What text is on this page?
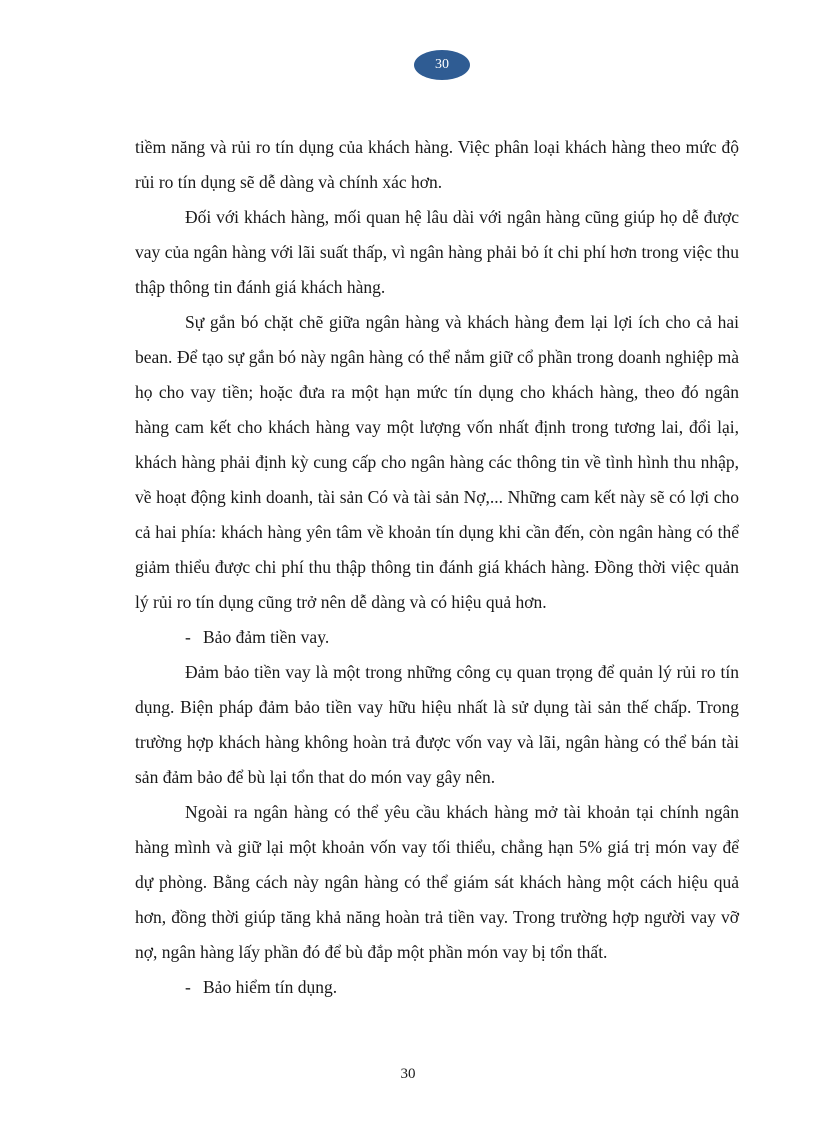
30

tiềm năng và rủi ro tín dụng của khách hàng. Việc phân loại khách hàng theo mức độ rủi ro tín dụng sẽ dễ dàng và chính xác hơn.

Đối với khách hàng, mối quan hệ lâu dài với ngân hàng cũng giúp họ dễ được vay của ngân hàng với lãi suất thấp, vì ngân hàng phải bỏ ít chi phí hơn trong việc thu thập thông tin đánh giá khách hàng.

Sự gắn bó chặt chẽ giữa ngân hàng và khách hàng đem lại lợi ích cho cả hai bean. Để tạo sự gắn bó này ngân hàng có thể nắm giữ cổ phần trong doanh nghiệp mà họ cho vay tiền; hoặc đưa ra một hạn mức tín dụng cho khách hàng, theo đó ngân hàng cam kết cho khách hàng vay một lượng vốn nhất định trong tương lai, đổi lại, khách hàng phải định kỳ cung cấp cho ngân hàng các thông tin về tình hình thu nhập, về hoạt động kinh doanh, tài sản Có và tài sản Nợ,... Những cam kết này sẽ có lợi cho cả hai phía: khách hàng yên tâm về khoản tín dụng khi cần đến, còn ngân hàng có thể giảm thiểu được chi phí thu thập thông tin đánh giá khách hàng. Đồng thời việc quản lý rủi ro tín dụng cũng trở nên dễ dàng và có hiệu quả hơn.

- Bảo đảm tiền vay.

Đảm bảo tiền vay là một trong những công cụ quan trọng để quản lý rủi ro tín dụng. Biện pháp đảm bảo tiền vay hữu hiệu nhất là sử dụng tài sản thế chấp. Trong trường hợp khách hàng không hoàn trả được vốn vay và lãi, ngân hàng có thể bán tài sản đảm bảo để bù lại tổn that do món vay gây nên.

Ngoài ra ngân hàng có thể yêu cầu khách hàng mở tài khoản tại chính ngân hàng mình và giữ lại một khoản vốn vay tối thiểu, chẳng hạn 5% giá trị món vay để dự phòng. Bằng cách này ngân hàng có thể giám sát khách hàng một cách hiệu quả hơn, đồng thời giúp tăng khả năng hoàn trả tiền vay. Trong trường hợp người vay vỡ nợ, ngân hàng lấy phần đó để bù đắp một phần món vay bị tổn thất.

- Bảo hiểm tín dụng.

30
